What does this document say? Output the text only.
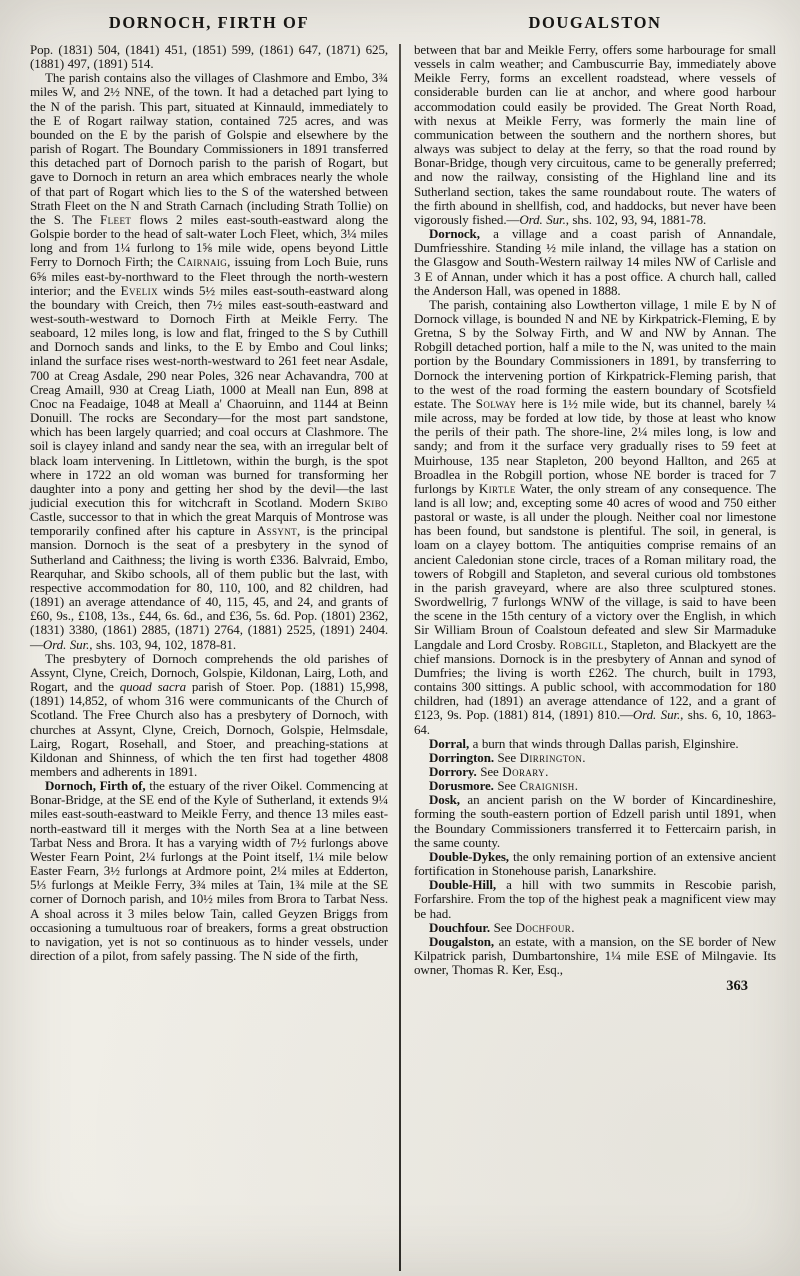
DORNOCH, FIRTH OF	DOUGALSTON

Pop. (1831) 504, (1841) 451, (1851) 599, (1861) 647, (1871) 625, (1881) 497, (1891) 514.

The parish contains also the villages of Clashmore and Embo, 3¾ miles W, and 2½ NNE, of the town. It had a detached part lying to the N of the parish. This part, situated at Kinnauld, immediately to the E of Rogart railway station, contained 725 acres, and was bounded on the E by the parish of Golspie and elsewhere by the parish of Rogart. The Boundary Commissioners in 1891 transferred this detached part of Dornoch parish to the parish of Rogart, but gave to Dornoch in return an area which embraces nearly the whole of that part of Rogart which lies to the S of the watershed between Strath Fleet on the N and Strath Carnach (including Strath Tollie) on the S. The Fleet flows 2 miles east-south-eastward along the Golspie border to the head of salt-water Loch Fleet, which, 3¼ miles long and from 1¼ furlong to 1⅝ mile wide, opens beyond Little Ferry to Dornoch Firth; the Cairnaig, issuing from Loch Buie, runs 6⅝ miles east-by-northward to the Fleet through the north-western interior; and the Evelix winds 5½ miles east-south-eastward along the boundary with Creich, then 7½ miles east-south-eastward and west-south-westward to Dornoch Firth at Meikle Ferry. The seaboard, 12 miles long, is low and flat, fringed to the S by Cuthill and Dornoch sands and links, to the E by Embo and Coul links; inland the surface rises west-north-westward to 261 feet near Asdale, 700 at Creag Asdale, 290 near Poles, 326 near Achavandra, 700 at Creag Amaill, 930 at Creag Liath, 1000 at Meall nan Eun, 898 at Cnoc na Feadaige, 1048 at Meall a' Chaoruinn, and 1144 at Beinn Donuill. The rocks are Secondary—for the most part sandstone, which has been largely quarried; and coal occurs at Clashmore. The soil is clayey inland and sandy near the sea, with an irregular belt of black loam intervening. In Littletown, within the burgh, is the spot where in 1722 an old woman was burned for transforming her daughter into a pony and getting her shod by the devil—the last judicial execution this for witchcraft in Scotland. Modern Skibo Castle, successor to that in which the great Marquis of Montrose was temporarily confined after his capture in Assynt, is the principal mansion. Dornoch is the seat of a presbytery in the synod of Sutherland and Caithness; the living is worth £336. Balvraid, Embo, Rearquhar, and Skibo schools, all of them public but the last, with respective accommodation for 80, 110, 100, and 82 children, had (1891) an average attendance of 40, 115, 45, and 24, and grants of £60, 9s., £108, 13s., £44, 6s. 6d., and £36, 5s. 6d. Pop. (1801) 2362, (1831) 3380, (1861) 2885, (1871) 2764, (1881) 2525, (1891) 2404.—Ord. Sur., shs. 103, 94, 102, 1878-81.

The presbytery of Dornoch comprehends the old parishes of Assynt, Clyne, Creich, Dornoch, Golspie, Kildonan, Lairg, Loth, and Rogart, and the quoad sacra parish of Stoer. Pop. (1881) 15,998, (1891) 14,852, of whom 316 were communicants of the Church of Scotland. The Free Church also has a presbytery of Dornoch, with churches at Assynt, Clyne, Creich, Dornoch, Golspie, Helmsdale, Lairg, Rogart, Rosehall, and Stoer, and preaching-stations at Kildonan and Shinness, of which the ten first had together 4808 members and adherents in 1891.

Dornoch, Firth of, the estuary of the river Oikel. Commencing at Bonar-Bridge, at the SE end of the Kyle of Sutherland, it extends 9¼ miles east-south-eastward to Meikle Ferry, and thence 13 miles east-north-eastward till it merges with the North Sea at a line between Tarbat Ness and Brora. It has a varying width of 7½ furlongs above Wester Fearn Point, 2¼ furlongs at the Point itself, 1¼ mile below Easter Fearn, 3½ furlongs at Ardmore point, 2¼ miles at Edderton, 5⅓ furlongs at Meikle Ferry, 3¾ miles at Tain, 1¾ mile at the SE corner of Dornoch parish, and 10½ miles from Brora to Tarbat Ness. A shoal across it 3 miles below Tain, called Geyzen Briggs from occasioning a tumultuous roar of breakers, forms a great obstruction to navigation, yet is not so continuous as to hinder vessels, under direction of a pilot, from safely passing. The N side of the firth,

between that bar and Meikle Ferry, offers some harbourage for small vessels in calm weather; and Cambuscurrie Bay, immediately above Meikle Ferry, forms an excellent roadstead, where vessels of considerable burden can lie at anchor, and where good harbour accommodation could easily be provided. The Great North Road, with nexus at Meikle Ferry, was formerly the main line of communication between the southern and the northern shores, but always was subject to delay at the ferry, so that the road round by Bonar-Bridge, though very circuitous, came to be generally preferred; and now the railway, consisting of the Highland line and its Sutherland section, takes the same roundabout route. The waters of the firth abound in shellfish, cod, and haddocks, but never have been vigorously fished.—Ord. Sur., shs. 102, 93, 94, 1881-78.

Dornock, a village and a coast parish of Annandale, Dumfriesshire. Standing ½ mile inland, the village has a station on the Glasgow and South-Western railway 14 miles NW of Carlisle and 3 E of Annan, under which it has a post office. A church hall, called the Anderson Hall, was opened in 1888.

The parish, containing also Lowtherton village, 1 mile E by N of Dornock village, is bounded N and NE by Kirkpatrick-Fleming, E by Gretna, S by the Solway Firth, and W and NW by Annan. The Robgill detached portion, half a mile to the N, was united to the main portion by the Boundary Commissioners in 1891, by transferring to Dornock the intervening portion of Kirkpatrick-Fleming parish, that to the west of the road forming the eastern boundary of Scotsfield estate. The Solway here is 1½ mile wide, but its channel, barely ¼ mile across, may be forded at low tide, by those at least who know the perils of their path. The shore-line, 2¼ miles long, is low and sandy; and from it the surface very gradually rises to 59 feet at Muirhouse, 135 near Stapleton, 200 beyond Hallton, and 265 at Broadlea in the Robgill portion, whose NE border is traced for 7 furlongs by Kirtle Water, the only stream of any consequence. The land is all low; and, excepting some 40 acres of wood and 750 either pastoral or waste, is all under the plough. Neither coal nor limestone has been found, but sandstone is plentiful. The soil, in general, is loam on a clayey bottom. The antiquities comprise remains of an ancient Caledonian stone circle, traces of a Roman military road, the towers of Robgill and Stapleton, and several curious old tombstones in the parish graveyard, where are also three sculptured stones. Swordwellrig, 7 furlongs WNW of the village, is said to have been the scene in the 15th century of a victory over the English, in which Sir William Broun of Coalstoun defeated and slew Sir Marmaduke Langdale and Lord Crosby. Robgill, Stapleton, and Blackyett are the chief mansions. Dornock is in the presbytery of Annan and synod of Dumfries; the living is worth £262. The church, built in 1793, contains 300 sittings. A public school, with accommodation for 180 children, had (1891) an average attendance of 122, and a grant of £123, 9s. Pop. (1881) 814, (1891) 810.—Ord. Sur., shs. 6, 10, 1863-64.

Dorral, a burn that winds through Dallas parish, Elginshire.

Dorrington. See Dirrington.

Dorrory. See Dorary.

Dorusmore. See Craignish.

Dosk, an ancient parish on the W border of Kincardineshire, forming the south-eastern portion of Edzell parish until 1891, when the Boundary Commissioners transferred it to Fettercairn parish, in the same county.

Double-Dykes, the only remaining portion of an extensive ancient fortification in Stonehouse parish, Lanarkshire.

Double-Hill, a hill with two summits in Rescobie parish, Forfarshire. From the top of the highest peak a magnificent view may be had.

Douchfour. See Dochfour.

Dougalston, an estate, with a mansion, on the SE border of New Kilpatrick parish, Dumbartonshire, 1¼ mile ESE of Milngavie. Its owner, Thomas R. Ker, Esq.,

363
